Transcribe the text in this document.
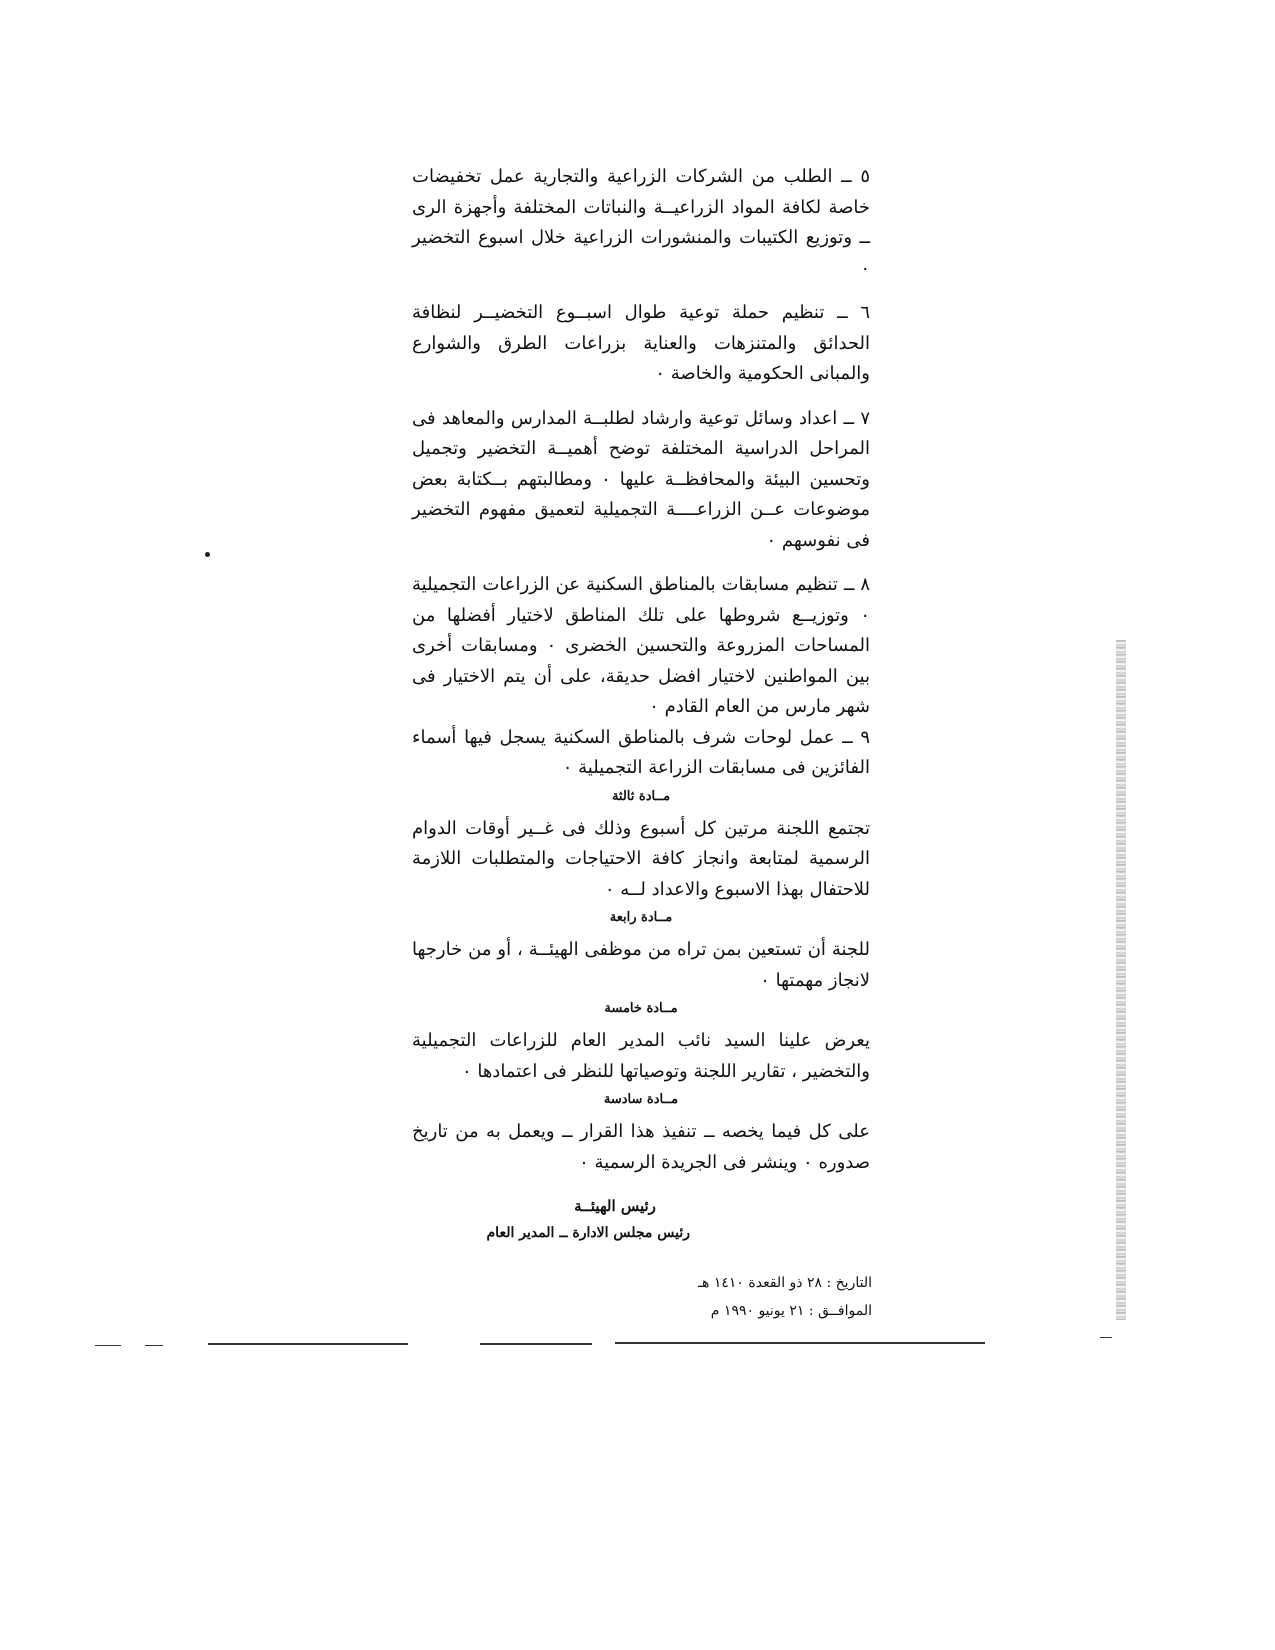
٥ ــ الطلب من الشركات الزراعية والتجارية عمل تخفيضات خاصة لكافة المواد الزراعيــة والنباتات المختلفة وأجهزة الرى ــ وتوزيع الكتيبات والمنشورات الزراعية خلال اسبوع التخضير ٠

٦ ــ تنظيم حملة توعية طوال اسبــوع التخضيــر لنظافة الحدائق والمتنزهات والعناية بزراعات الطرق والشوارع والمبانى الحكومية والخاصة ٠

٧ ــ اعداد وسائل توعية وارشاد لطلبــة المدارس والمعاهد فى المراحل الدراسية المختلفة توضح أهميــة التخضير وتجميل وتحسين البيئة والمحافظــة عليها ٠ ومطالبتهم بــكتابة بعض موضوعات عــن الزراعــــة التجميلية لتعميق مفهوم التخضير فى نفوسهم ٠

٨ ــ تنظيم مسابقات بالمناطق السكنية عن الزراعات التجميلية ٠ وتوزيــع شروطها على تلك المناطق لاختيار أفضلها من المساحات المزروعة والتحسين الخضرى ٠ ومسابقات أخرى بين المواطنين لاختيار افضل حديقة، على أن يتم الاختيار فى شهر مارس من العام القادم ٠

٩ ــ عمل لوحات شرف بالمناطق السكنية يسجل فيها أسماء الفائزين فى مسابقات الزراعة التجميلية ٠

مــادة ثالثة

تجتمع اللجنة مرتين كل أسبوع وذلك فى غــير أوقات الدوام الرسمية لمتابعة وانجاز كافة الاحتياجات والمتطلبات اللازمة للاحتفال بهذا الاسبوع والاعداد لــه ٠

مــادة رابعة

للجنة أن تستعين بمن تراه من موظفى الهيئــة ، أو من خارجها لانجاز مهمتها ٠

مــادة خامسة

يعرض علينا السيد نائب المدير العام للزراعات التجميلية والتخضير ، تقارير اللجنة وتوصياتها للنظر فى اعتمادها ٠

مــادة سادسة

على كل فيما يخصه ــ تنفيذ هذا القرار ــ ويعمل به من تاريخ صدوره ٠ وينشر فى الجريدة الرسمية ٠

رئيس الهيئــة
رئيس مجلس الادارة ــ المدير العام
التاريخ : ٢٨ ذو القعدة ١٤١٠ هـ
الموافــق : ٢١ يونيو ١٩٩٠ م
